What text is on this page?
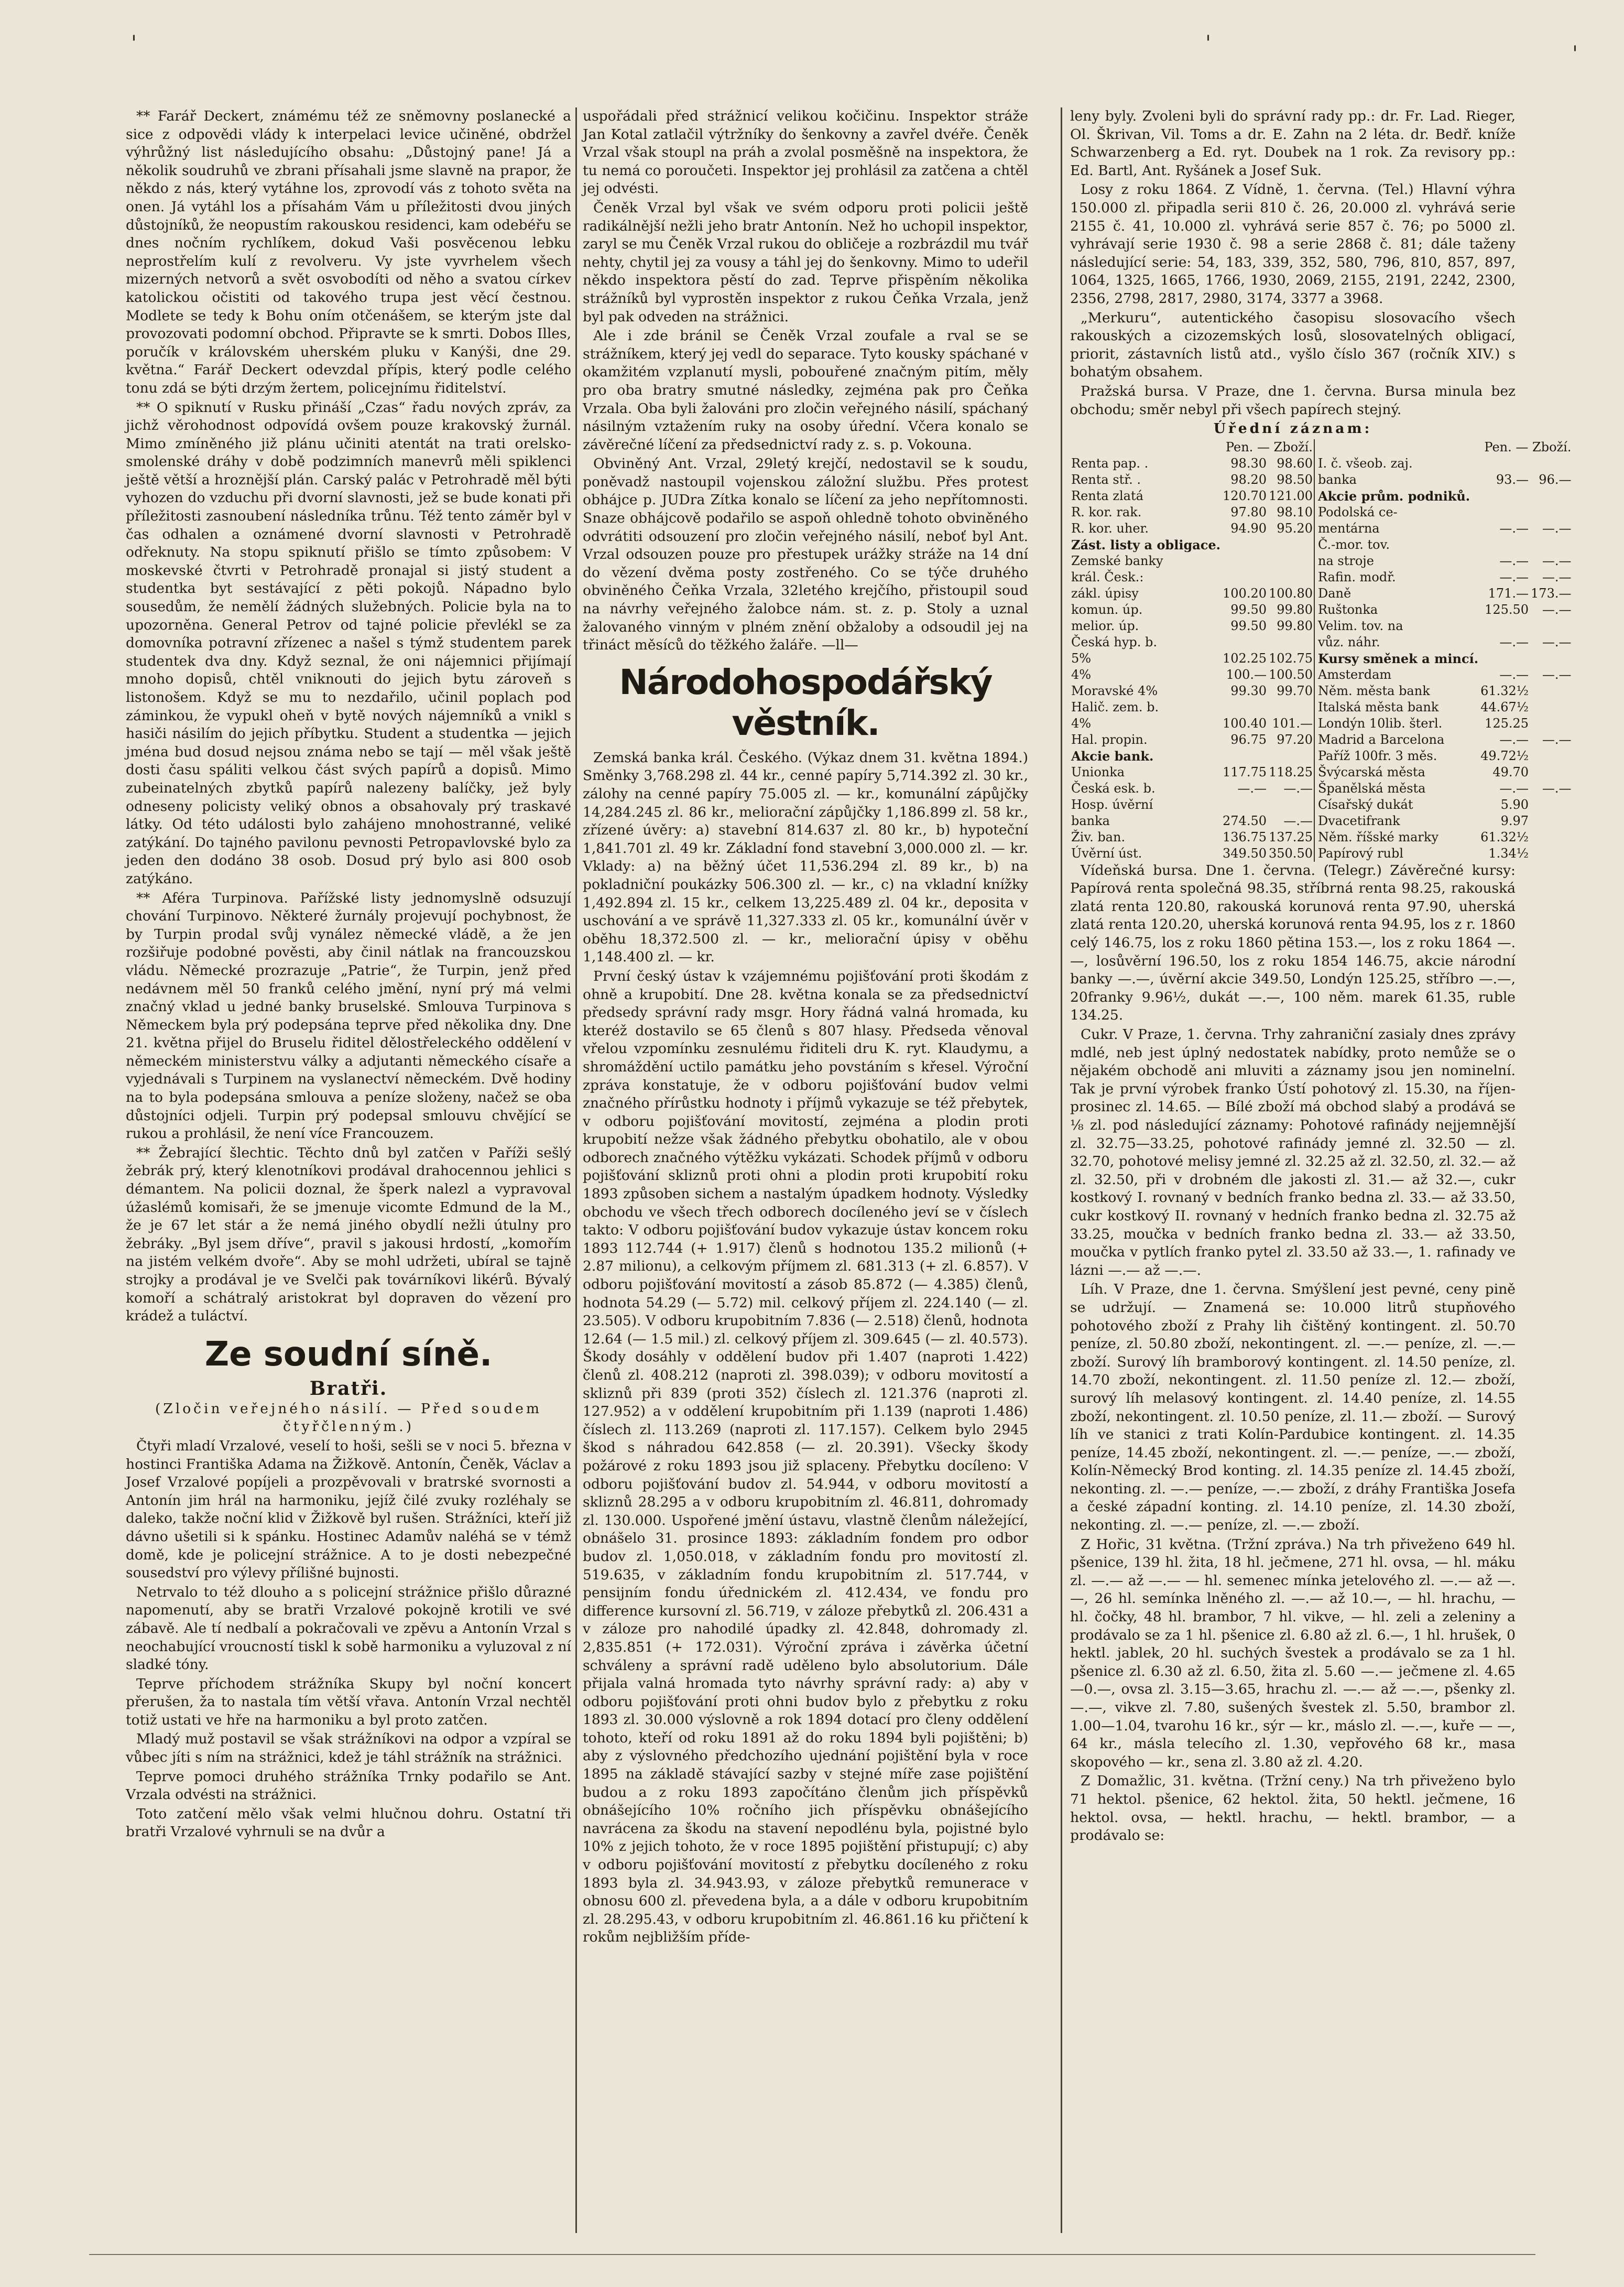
'	'	'

** Farář Deckert, známému též ze sněmovny poslanecké a sice z odpovědi vlády k interpelaci levice učiněné, obdržel výhrůžný list následujícího obsahu: „Důstojný pane! Já a několik soudruhů ve zbrani přísahali jsme slavně na prapor, že někdo z nás, který vytáhne los, zprovodí vás z tohoto světa na onen. Já vytáhl los a přísahám Vám u příležitosti dvou jiných důstojníků, že neopustím rakouskou residenci, kam odebéřu se dnes nočním rychlíkem, dokud Vaši posvěcenou lebku neprostřelím kulí z revolveru. Vy jste vyvrhelem všech mizerných netvorů a svět osvobodíti od něho a svatou církev katolickou očistiti od takového trupa jest věcí čestnou. Modlete se tedy k Bohu oním otčenášem, se kterým jste dal provozovati podomní obchod. Připravte se k smrti. Dobos Illes, poručík v královském uherském pluku v Kanýši, dne 29. května.“ Farář Deckert odevzdal přípis, který podle celého tonu zdá se býti drzým žertem, policejnímu řiditelství.

** O spiknutí v Rusku přináší „Czas“ řadu nových zpráv, za jichž věrohodnost odpovídá ovšem pouze krakovský žurnál. Mimo zmíněného již plánu učiniti atentát na trati orelsko-smolenské dráhy v době podzimních manevrů měli spiklenci ještě větší a hroznější plán. Carský palác v Petrohradě měl býti vyhozen do vzduchu při dvorní slavnosti, jež se bude konati při příležitosti zasnoubení následníka trůnu. Též tento záměr byl v čas odhalen a oznámené dvorní slavnosti v Petrohradě odřeknuty. Na stopu spiknutí přišlo se tímto způsobem: V moskevské čtvrti v Petrohradě pronajal si jistý student a studentka byt sestávající z pěti pokojů. Nápadno bylo sousedům, že nemělí žádných služebných. Policie byla na to upozorněna. General Petrov od tajné policie převlékl se za domovníka potravní zřízenec a našel s týmž studentem parek studentek dva dny. Když seznal, že oni nájemnici přijímají mnoho dopisů, chtěl vniknouti do jejich bytu zároveň s listonošem. Když se mu to nezdařilo, učinil poplach pod záminkou, že vypukl oheň v bytě nových nájemníků a vnikl s hasiči násilím do jejich příbytku. Student a studentka — jejich jména bud dosud nejsou známa nebo se tají — měl však ještě dosti času spáliti velkou část svých papírů a dopisů. Mimo zubeinatelných zbytků papírů nalezeny balíčky, jež byly odneseny policisty veliký obnos a obsahovaly prý traskavé látky. Od této události bylo zahájeno mnohostranné, veliké zatýkání. Do tajného pavilonu pevnosti Petropavlovské bylo za jeden den dodáno 38 osob. Dosud prý bylo asi 800 osob zatýkáno.

** Aféra Turpinova. Pařížské listy jednomyslně odsuzují chování Turpinovo. Některé žurnály projevují pochybnost, že by Turpin prodal svůj vynález německé vládě, a že jen rozšiřuje podobné pověsti, aby činil nátlak na francouzskou vládu. Německé prozrazuje „Patrie“, že Turpin, jenž před nedávnem měl 50 franků celého jmění, nyní prý má velmi značný vklad u jedné banky bruselské. Smlouva Turpinova s Německem byla prý podepsána teprve před několika dny. Dne 21. května přijel do Bruselu řiditel dělostřeleckého oddělení v německém ministerstvu války a adjutanti německého císaře a vyjednávali s Turpinem na vyslanectví německém. Dvě hodiny na to byla podepsána smlouva a peníze složeny, načež se oba důstojníci odjeli. Turpin prý podepsal smlouvu chvějící se rukou a prohlásil, že není více Francouzem.

** Žebrající šlechtic. Těchto dnů byl zatčen v Paříži sešlý žebrák prý, který klenotníkovi prodával drahocennou jehlici s démantem. Na policii doznal, že šperk nalezl a vypravoval úžaslémů komisaři, že se jmenuje vicomte Edmund de la M., že je 67 let stár a že nemá jiného obydlí nežli útulny pro žebráky. „Byl jsem dříve“, pravil s jakousi hrdostí, „komořím na jistém velkém dvoře“. Aby se mohl udržeti, ubíral se tajně strojky a prodával je ve Svelči pak továrníkovi likérů. Bývalý komoří a schátralý aristokrat byl dopraven do vězení pro krádež a tuláctví.

Ze soudní síně.
Bratři.

(Zločin veřejného násilí. — Před soudem čtyřčlenným.)

Čtyři mladí Vrzalové, veselí to hoši, sešli se v noci 5. března v hostinci Františka Adama na Žižkově. Antonín, Čeněk, Václav a Josef Vrzalové popíjeli a prozpěvovali v bratrské svornosti a Antonín jim hrál na harmoniku, jejíž čilé zvuky rozléhaly se daleko, takže noční klid v Žižkově byl rušen. Strážníci, kteří již dávno ušetili si k spánku. Hostinec Adamův naléhá se v témž domě, kde je policejní strážnice. A to je dosti nebezpečné sousedství pro výlevy přílišné bujnosti.

Netrvalo to též dlouho a s policejní strážnice přišlo důrazné napomenutí, aby se bratři Vrzalové pokojně krotili ve své zábavě. Ale tí nedbalí a pokračovali ve zpěvu a Antonín Vrzal s neochabující vroucností tiskl k sobě harmoniku a vyluzoval z ní sladké tóny.

Teprve příchodem strážníka Skupy byl noční koncert přerušen, ža to nastala tím větší vřava. Antonín Vrzal nechtěl totiž ustati ve hře na harmoniku a byl proto zatčen.

Mladý muž postavil se však strážníkovi na odpor a vzpíral se vůbec jíti s ním na strážnici, kdež je táhl strážník na strážnici.

Teprve pomoci druhého strážníka Trnky podařilo se Ant. Vrzala odvésti na strážnici.

Toto zatčení mělo však velmi hlučnou dohru. Ostatní tři bratři Vrzalové vyhrnuli se na dvůr a

uspořádali před strážnicí velikou kočičinu. Inspektor stráže Jan Kotal zatlačil výtržníky do šenkovny a zavřel dvéře. Čeněk Vrzal však stoupl na práh a zvolal posměšně na inspektora, že tu nemá co poroučeti. Inspektor jej prohlásil za zatčena a chtěl jej odvésti.

Čeněk Vrzal byl však ve svém odporu proti policii ještě radikálnější nežli jeho bratr Antonín. Než ho uchopil inspektor, zaryl se mu Čeněk Vrzal rukou do obličeje a rozbrázdil mu tvář nehty, chytil jej za vousy a táhl jej do šenkovny. Mimo to udeřil někdo inspektora pěstí do zad. Teprve přispěním několika strážníků byl vyprostěn inspektor z rukou Čeňka Vrzala, jenž byl pak odveden na strážnici.

Ale i zde bránil se Čeněk Vrzal zoufale a rval se se strážníkem, který jej vedl do separace. Tyto kousky spáchané v okamžitém vzplanutí mysli, pobouřené značným pitím, měly pro oba bratry smutné následky, zejména pak pro Čeňka Vrzala. Oba byli žalováni pro zločin veřejného násilí, spáchaný násilným vztažením ruky na osoby úřední. Včera konalo se závěrečné líčení za předsednictví rady z. s. p. Vokouna.

Obviněný Ant. Vrzal, 29letý krejčí, nedostavil se k soudu, poněvadž nastoupil vojenskou záložní službu. Přes protest obhájce p. JUDra Zítka konalo se líčení za jeho nepřítomnosti. Snaze obhájcově podařilo se aspoň ohledně tohoto obviněného odvrátiti odsouzení pro zločin veřejného násilí, neboť byl Ant. Vrzal odsouzen pouze pro přestupek urážky stráže na 14 dní do vězení dvěma posty zostřeného. Co se týče druhého obviněného Čeňka Vrzala, 32letého krejčího, přistoupil soud na návrhy veřejného žalobce nám. st. z. p. Stoly a uznal žalovaného vinným v plném znění obžaloby a odsoudil jej na třináct měsíců do těžkého žaláře. —ll—

Národohospodářský věstník.

Zemská banka král. Českého. (Výkaz dnem 31. května 1894.) Směnky 3,768.298 zl. 44 kr., cenné papíry 5,714.392 zl. 30 kr., zálohy na cenné papíry 75.005 zl. — kr., komunální zápůjčky 14,284.245 zl. 86 kr., meliorační zápůjčky 1,186.899 zl. 58 kr., zřízené úvěry: a) stavební 814.637 zl. 80 kr., b) hypoteční 1,841.701 zl. 49 kr. Základní fond stavební 3,000.000 zl. — kr. Vklady: a) na běžný účet 11,536.294 zl. 89 kr., b) na pokladniční poukázky 506.300 zl. — kr., c) na vkladní knížky 1,492.894 zl. 15 kr., celkem 13,225.489 zl. 04 kr., deposita v uschování a ve správě 11,327.333 zl. 05 kr., komunální úvěr v oběhu 18,372.500 zl. — kr., meliorační úpisy v oběhu 1,148.400 zl. — kr.

První český ústav k vzájemnému pojišťování proti škodám z ohně a krupobití. Dne 28. května konala se za předsednictví předsedy správní rady msgr. Hory řádná valná hromada, ku kteréž dostavilo se 65 členů s 807 hlasy. Předseda věnoval vřelou vzpomínku zesnulému řiditeli dru K. ryt. Klaudymu, a shromáždění uctilo památku jeho povstáním s křesel. Výroční zpráva konstatuje, že v odboru pojišťování budov velmi značného přírůstku hodnoty i příjmů vykazuje se též přebytek, v odboru pojišťování movitostí, zejména a plodin proti krupobití nežze však žádného přebytku obohatilo, ale v obou odborech značného výtěžku vykázati. Schodek příjmů v odboru pojišťování skliznů proti ohni a plodin proti krupobití roku 1893 způsoben sichem a nastalým úpadkem hodnoty. Výsledky obchodu ve všech třech odborech docíleného jeví se v číslech takto: V odboru pojišťování budov vykazuje ústav koncem roku 1893 112.744 (+ 1.917) členů s hodnotou 135.2 milionů (+ 2.87 milionu), a celkovým příjmem zl. 681.313 (+ zl. 6.857). V odboru pojišťování movitostí a zásob 85.872 (— 4.385) členů, hodnota 54.29 (— 5.72) mil. celkový příjem zl. 224.140 (— zl. 23.505). V odboru krupobitním 7.836 (— 2.518) členů, hodnota 12.64 (— 1.5 mil.) zl. celkový příjem zl. 309.645 (— zl. 40.573). Škody dosáhly v oddělení budov při 1.407 (naproti 1.422) členů zl. 408.212 (naproti zl. 398.039); v odboru movitostí a skliznů při 839 (proti 352) číslech zl. 121.376 (naproti zl. 127.952) a v oddělení krupobitním při 1.139 (naproti 1.486) číslech zl. 113.269 (naproti zl. 117.157). Celkem bylo 2945 škod s náhradou 642.858 (— zl. 20.391). Všecky škody požárové z roku 1893 jsou již splaceny. Přebytku docíleno: V odboru pojišťování budov zl. 54.944, v odboru movitostí a skliznů 28.295 a v odboru krupobitním zl. 46.811, dohromady zl. 130.000. Uspořené jmění ústavu, vlastně členům náležející, obnášelo 31. prosince 1893: základním fondem pro odbor budov zl. 1,050.018, v základním fondu pro movitostí zl. 519.635, v základním fondu krupobitním zl. 517.744, v pensijním fondu úřednickém zl. 412.434, ve fondu pro difference kursovní zl. 56.719, v záloze přebytků zl. 206.431 a v záloze pro nahodilé úpadky zl. 42.848, dohromady zl. 2,835.851 (+ 172.031). Výroční zpráva i závěrka účetní schváleny a správní radě uděleno bylo absolutorium. Dále přijala valná hromada tyto návrhy správní rady: a) aby v odboru pojišťování proti ohni budov bylo z přebytku z roku 1893 zl. 30.000 výslovně a rok 1894 dotací pro členy oddělení tohoto, kteří od roku 1891 až do roku 1894 byli pojištěni; b) aby z výslovného předchozího ujednání pojištění byla v roce 1895 na základě stávající sazby v stejné míře zase pojištění budou a z roku 1893 započítáno členům jich příspěvků obnášejícího 10% ročního jich příspěvku obnášejícího navrácena za škodu na stavení nepodlénu byla, pojistné bylo 10% z jejich tohoto, že v roce 1895 pojištění přistupují; c) aby v odboru pojišťování movitostí z přebytku docíleného z roku 1893 byla zl. 34.943.93, v záloze přebytků remunerace v obnosu 600 zl. převedena byla, a a dále v odboru krupobitním zl. 28.295.43, v odboru krupobitním zl. 46.861.16 ku přičtení k rokům nejbližším příde-

leny byly. Zvoleni byli do správní rady pp.: dr. Fr. Lad. Rieger, Ol. Škrivan, Vil. Toms a dr. E. Zahn na 2 léta. dr. Bedř. kníže Schwarzenberg a Ed. ryt. Doubek na 1 rok. Za revisory pp.: Ed. Bartl, Ant. Ryšánek a Josef Suk.

Losy z roku 1864. Z Vídně, 1. června. (Tel.) Hlavní výhra 150.000 zl. připadla serii 810 č. 26, 20.000 zl. vyhrává serie 2155 č. 41, 10.000 zl. vyhrává serie 857 č. 76; po 5000 zl. vyhrávají serie 1930 č. 98 a serie 2868 č. 81; dále taženy následující serie: 54, 183, 339, 352, 580, 796, 810, 857, 897, 1064, 1325, 1665, 1766, 1930, 2069, 2155, 2191, 2242, 2300, 2356, 2798, 2817, 2980, 3174, 3377 a 3968.

„Merkuru“, autentického časopisu slosovacího všech rakouských a cizozemských losů, slosovatelných obligací, priorit, zástavních listů atd., vyšlo číslo 367 (ročník XIV.) s bohatým obsahem.

Pražská bursa. V Praze, dne 1. června. Bursa minula bez obchodu; směr nebyl při všech papírech stejný.

Úřední záznam:

	Pen. — Zboží.			Pen. — Zboží.	
Renta pap. .	98.30	98.60	I. č. všeob. zaj.		
Renta stř. .	98.20	98.50	banka	93.—	96.—
Renta zlatá	120.70	121.00	Akcie prům. podniků.		
R. kor. rak.	97.80	98.10	Podolská ce-		
R. kor. uher.	94.90	95.20	mentárna	—.—	—.—
Zást. listy a obligace.			Č.-mor. tov.		
Zemské banky			na stroje	—.—	—.—
král. Česk.:			Rafin. modř.	—.—	—.—
zákl. úpisy	100.20	100.80	Daně	171.—	173.—
komun. úp.	99.50	99.80	Ruštonka	125.50	—.—
melior. úp.	99.50	99.80	Velim. tov. na		
Česká hyp. b.			vůz. náhr.	—.—	—.—
5%	102.25	102.75	Kursy směnek a mincí.		
4%	100.—	100.50	Amsterdam	—.—	—.—
Moravské 4%	99.30	99.70	Něm. města bank	61.32½	
Halič. zem. b.			Italská města bank	44.67½	
4%	100.40	101.—	Londýn 10lib. šterl.	125.25	
Hal. propin.	96.75	97.20	Madrid a Barcelona	—.—	—.—
Akcie bank.			Paříž 100fr. 3 měs.	49.72½	
Unionka	117.75	118.25	Švýcarská města	49.70	
Česká esk. b.	—.—	—.—	Španělská města	—.—	—.—
Hosp. úvěrní			Císařský dukát	5.90	
banka	274.50	—.—	Dvacetifrank	9.97	
Živ. ban.	136.75	137.25	Něm. říšské marky	61.32½	
Úvěrní úst.	349.50	350.50	Papírový rubl	1.34½	

Vídeňská bursa. Dne 1. června. (Telegr.) Závěrečné kursy: Papírová renta společná 98.35, stříbrná renta 98.25, rakouská zlatá renta 120.80, rakouská korunová renta 97.90, uherská zlatá renta 120.20, uherská korunová renta 94.95, los z r. 1860 celý 146.75, los z roku 1860 pětina 153.—, los z roku 1864 —.—, losůvěrní 196.50, los z roku 1854 146.75, akcie národní banky —.—, úvěrní akcie 349.50, Londýn 125.25, stříbro —.—, 20franky 9.96½, dukát —.—, 100 něm. marek 61.35, ruble 134.25.

Cukr. V Praze, 1. června. Trhy zahraniční zasialy dnes zprávy mdlé, neb jest úplný nedostatek nabídky, proto nemůže se o nějakém obchodě ani mluviti a záznamy jsou jen nominelní. Tak je první výrobek franko Ústí pohotový zl. 15.30, na říjen-prosinec zl. 14.65. — Bílé zboží má obchod slabý a prodává se ⅛ zl. pod následující záznamy: Pohotové rafinády nejjemnější zl. 32.75—33.25, pohotové rafinády jemné zl. 32.50 — zl. 32.70, pohotové melisy jemné zl. 32.25 až zl. 32.50, zl. 32.— až zl. 32.50, při v drobném dle jakosti zl. 31.— až 32.—, cukr kostkový I. rovnaný v bedních franko bedna zl. 33.— až 33.50, cukr kostkový II. rovnaný v hedních franko bedna zl. 32.75 až 33.25, moučka v bedních franko bedna zl. 33.— až 33.50, moučka v pytlích franko pytel zl. 33.50 až 33.—, 1. rafinady ve lázni —.— až —.—.

Líh. V Praze, dne 1. června. Smýšlení jest pevné, ceny pině se udržují. — Znamená se: 10.000 litrů stupňového pohotového zboží z Prahy lih čištěný kontingent. zl. 50.70 peníze, zl. 50.80 zboží, nekontingent. zl. —.— peníze, zl. —.— zboží. Surový líh bramborový kontingent. zl. 14.50 peníze, zl. 14.70 zboží, nekontingent. zl. 11.50 peníze zl. 12.— zboží, surový líh melasový kontingent. zl. 14.40 peníze, zl. 14.55 zboží, nekontingent. zl. 10.50 peníze, zl. 11.— zboží. — Surový líh ve stanici z trati Kolín-Pardubice kontingent. zl. 14.35 peníze, 14.45 zboží, nekontingent. zl. —.— peníze, —.— zboží, Kolín-Německý Brod konting. zl. 14.35 peníze zl. 14.45 zboží, nekonting. zl. —.— peníze, —.— zboží, z dráhy Františka Josefa a české západní konting. zl. 14.10 peníze, zl. 14.30 zboží, nekonting. zl. —.— peníze, zl. —.— zboží.

Z Hořic, 31 května. (Tržní zpráva.) Na trh přiveženo 649 hl. pšenice, 139 hl. žita, 18 hl. ječmene, 271 hl. ovsa, — hl. máku zl. —.— až —.— — hl. semenec mínka jetelového zl. —.— až —.—, 26 hl. semínka lněného zl. —.— až 10.—, — hl. hrachu, — hl. čočky, 48 hl. brambor, 7 hl. vikve, — hl. zeli a zeleniny a prodávalo se za 1 hl. pšenice zl. 6.80 až zl. 6.—, 1 hl. hrušek, 0 hektl. jablek, 20 hl. suchých švestek a prodávalo se za 1 hl. pšenice zl. 6.30 až zl. 6.50, žita zl. 5.60 —.— ječmene zl. 4.65—0.—, ovsa zl. 3.15—3.65, hrachu zl. —.— až —.—, pšenky zl. —.—, vikve zl. 7.80, sušených švestek zl. 5.50, brambor zl. 1.00—1.04, tvarohu 16 kr., sýr — kr., máslo zl. —.—, kuře — —, 64 kr., másla telecího zl. 1.30, vepřového 68 kr., masa skopového — kr., sena zl. 3.80 až zl. 4.20.

Z Domažlic, 31. května. (Tržní ceny.) Na trh přiveženo bylo 71 hektol. pšenice, 62 hektol. žita, 50 hektl. ječmene, 16 hektol. ovsa, — hektl. hrachu, — hektl. brambor, — a prodávalo se:
